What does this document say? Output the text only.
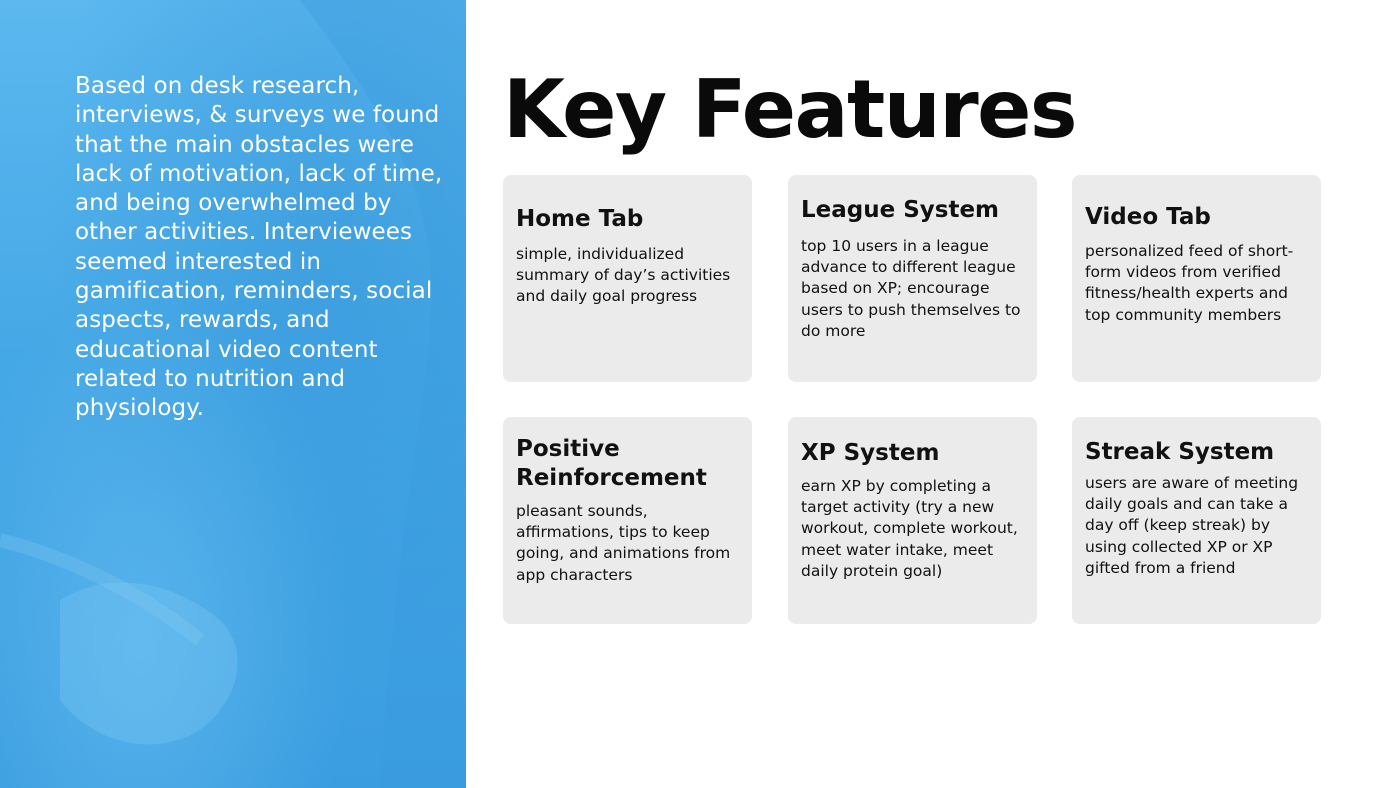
Based on desk research, interviews, & surveys we found that the main obstacles were lack of motivation, lack of time, and being overwhelmed by other activities. Interviewees seemed interested in gamification, reminders, social aspects, rewards, and educational video content related to nutrition and physiology.

Key Features
Home Tab

simple, individualized summary of day’s activities and daily goal progress

League System

top 10 users in a league advance to different league based on XP; encourage users to push themselves to do more

Video Tab

personalized feed of short-form videos from verified fitness/health experts and top community members

Positive Reinforcement

pleasant sounds, affirmations, tips to keep going, and animations from app characters

XP System

earn XP by completing a target activity (try a new workout, complete workout, meet water intake, meet daily protein goal)

Streak System

users are aware of meeting daily goals and can take a day off (keep streak) by using collected XP or XP gifted from a friend
